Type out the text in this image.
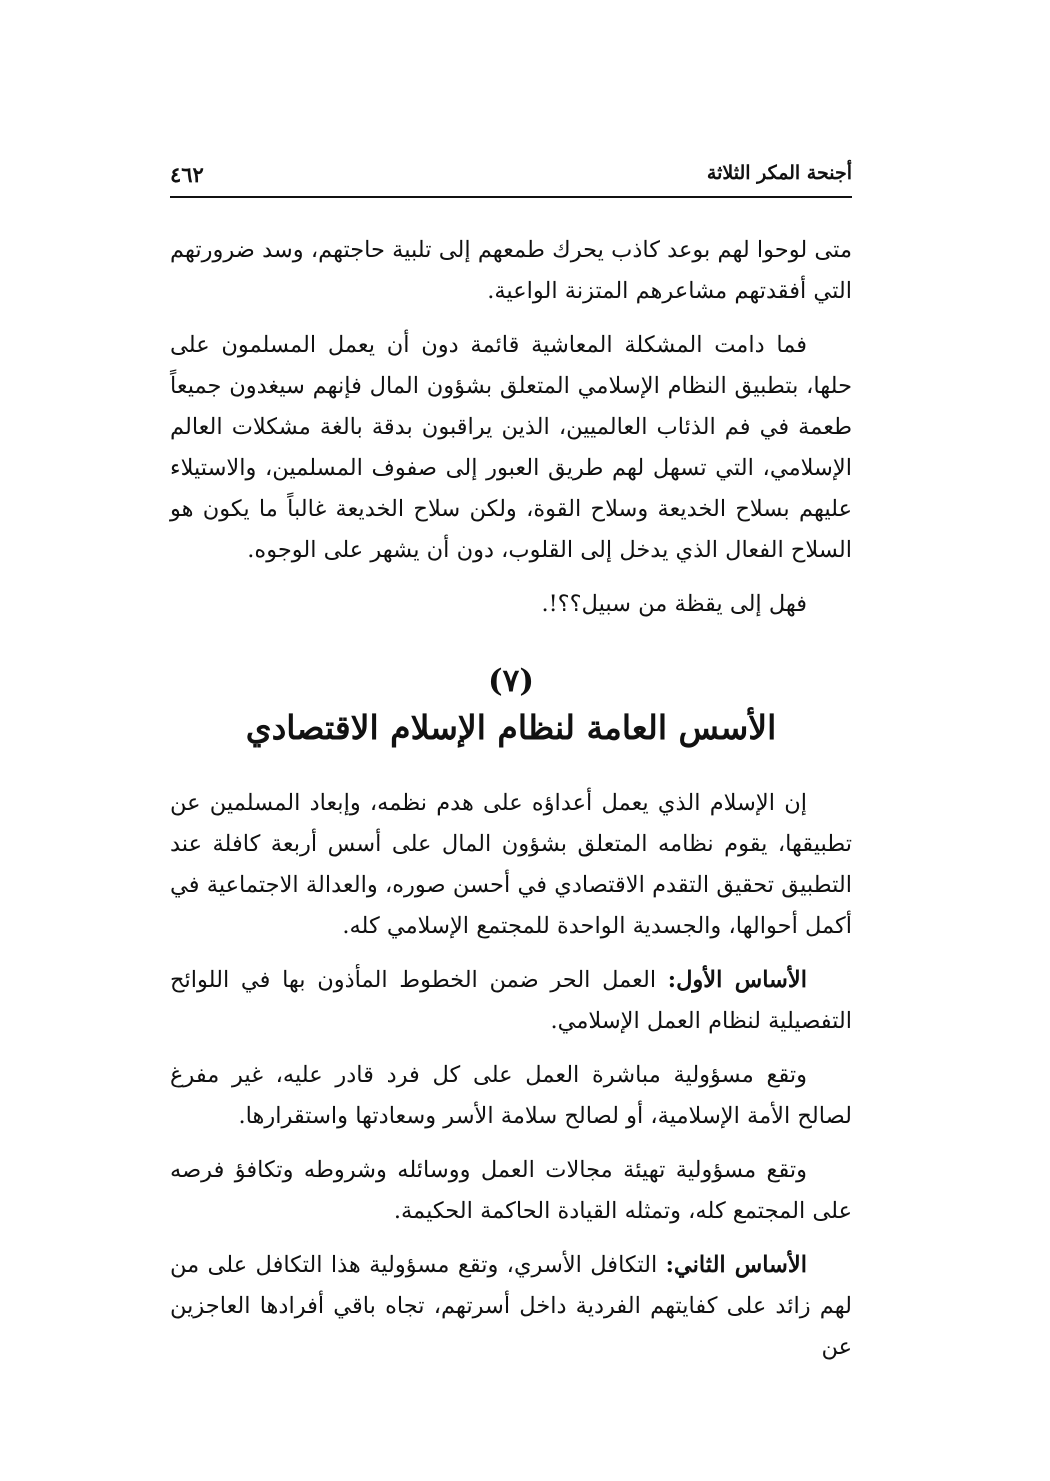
أجنحة المكر الثلاثة
٤٦٢

متى لوحوا لهم بوعد كاذب يحرك طمعهم إلى تلبية حاجتهم، وسد ضرورتهم التي أفقدتهم مشاعرهم المتزنة الواعية.

فما دامت المشكلة المعاشية قائمة دون أن يعمل المسلمون على حلها، بتطبيق النظام الإسلامي المتعلق بشؤون المال فإنهم سيغدون جميعاً طعمة في فم الذئاب العالميين، الذين يراقبون بدقة بالغة مشكلات العالم الإسلامي، التي تسهل لهم طريق العبور إلى صفوف المسلمين، والاستيلاء عليهم بسلاح الخديعة وسلاح القوة، ولكن سلاح الخديعة غالباً ما يكون هو السلاح الفعال الذي يدخل إلى القلوب، دون أن يشهر على الوجوه.

فهل إلى يقظة من سبيل؟؟!.

(٧)
الأسس العامة لنظام الإسلام الاقتصادي

إن الإسلام الذي يعمل أعداؤه على هدم نظمه، وإبعاد المسلمين عن تطبيقها، يقوم نظامه المتعلق بشؤون المال على أسس أربعة كافلة عند التطبيق تحقيق التقدم الاقتصادي في أحسن صوره، والعدالة الاجتماعية في أكمل أحوالها، والجسدية الواحدة للمجتمع الإسلامي كله.

الأساس الأول: العمل الحر ضمن الخطوط المأذون بها في اللوائح التفصيلية لنظام العمل الإسلامي.

وتقع مسؤولية مباشرة العمل على كل فرد قادر عليه، غير مفرغ لصالح الأمة الإسلامية، أو لصالح سلامة الأسر وسعادتها واستقرارها.

وتقع مسؤولية تهيئة مجالات العمل ووسائله وشروطه وتكافؤ فرصه على المجتمع كله، وتمثله القيادة الحاكمة الحكيمة.

الأساس الثاني: التكافل الأسري، وتقع مسؤولية هذا التكافل على من لهم زائد على كفايتهم الفردية داخل أسرتهم، تجاه باقي أفرادها العاجزين عن
